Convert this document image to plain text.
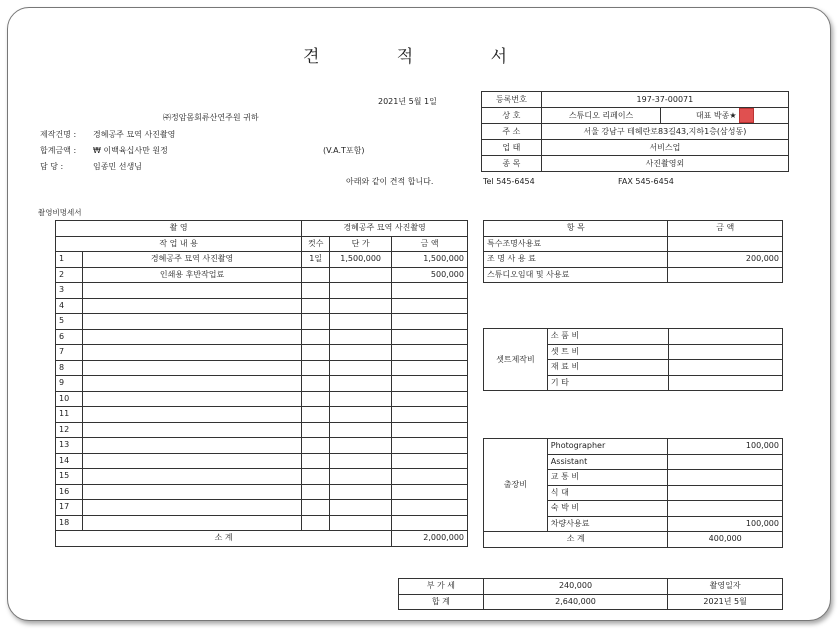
견 적 서
2021년 5월 1일
㈜정암몸회류산연주원 귀하
제작건명 : 경혜공주 묘역 사진촬영
합계금액 : ₩ 이백육십사만 원정	(V.A.T포함)
담 당 :	임종민 선생님
아래와 같이 견적 합니다.	Tel 545-6454	FAX 545-6454
등록번호	197-37-00071	
상 호	스튜디오 리페이스	대표 박종★
주 소	서울 강남구 테헤란로83길43,지하1층(삼성동)	
업 태	서비스업	
종 목	사진촬영외	
촬영비명세서
촬 영		경혜공주 묘역 사진촬영		
작 업 내 용		컷수	단 가	금 액
1	경혜공주 묘역 사진촬영	1일	1,500,000	1,500,000
2	인쇄용 후반작업료			500,000
3				
4				
5				
6				
7				
8				
9				
10				
11				
12				
13				
14				
15				
16				
17				
18				
소 계				2,000,000
항 목	금 액
특수조명사용료	
조 명 사 용 료	200,000
스튜디오임대 및 사용료	
셋트제작비	소 품 비	
	셋 트 비	
	재 료 비	
	기 타	
출장비	Photographer	100,000
	Assistant	
	교 통 비	
	식 대	
	숙 박 비	
	차량사용료	100,000
소 계		400,000
부 가 세	240,000	촬영일자
합 계	2,640,000	2021년 5월
